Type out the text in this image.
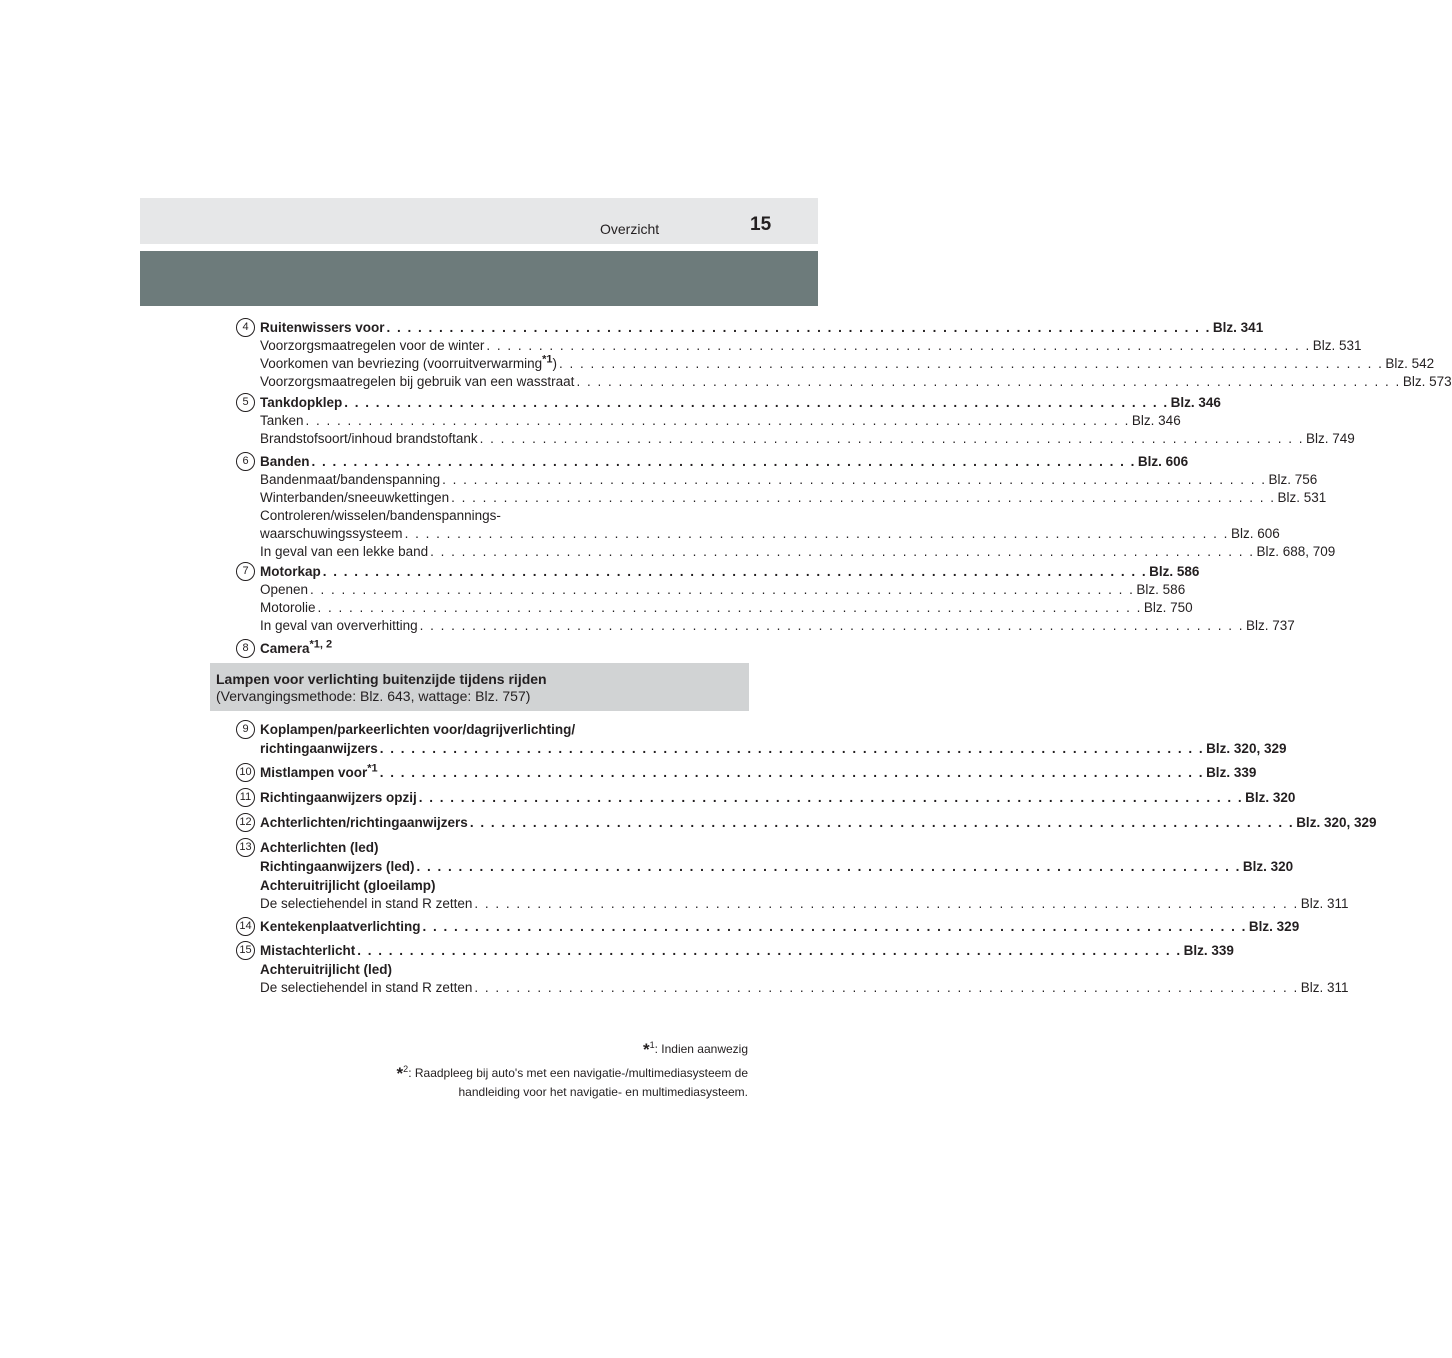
Overzicht	15
4 Ruitenwissers voor . . . . . . . . . . . . . . . . . . . . . . . . . . . . . . . . . . . . . . . . . . . . . . . . . . . . . . . . . . . . . . . . . . . . . . . . . . . . . . . Blz. 341
Voorzorgsmaatregelen voor de winter . . . . . . . . . . . . . . . . . . . . . . . . . . . . . . . . . . . . . . . . . . . . . . . . . . . . . . . . . . . . . . . . . . . . . . . . . . . . . . . Blz. 531
Voorkomen van bevriezing (voorruitverwarming$^{*1}$) . . . . . . . . . . . . . . . . . . . . . . . . . . . . . . . . . . . . . . . . . . . . . . . . . . . . . . . . . . . . . . . . . . . . . . . . . . . . . . . Blz. 542
Voorzorgsmaatregelen bij gebruik van een wasstraat . . . . . . . . . . . . . . . . . . . . . . . . . . . . . . . . . . . . . . . . . . . . . . . . . . . . . . . . . . . . . . . . . . . . . . . . . . . . . . . Blz. 573
5 Tankdopklep . . . . . . . . . . . . . . . . . . . . . . . . . . . . . . . . . . . . . . . . . . . . . . . . . . . . . . . . . . . . . . . . . . . . . . . . . . . . . . . Blz. 346
Tanken . . . . . . . . . . . . . . . . . . . . . . . . . . . . . . . . . . . . . . . . . . . . . . . . . . . . . . . . . . . . . . . . . . . . . . . . . . . . . . . Blz. 346
Brandstofsoort/inhoud brandstoftank . . . . . . . . . . . . . . . . . . . . . . . . . . . . . . . . . . . . . . . . . . . . . . . . . . . . . . . . . . . . . . . . . . . . . . . . . . . . . . . Blz. 749
6 Banden . . . . . . . . . . . . . . . . . . . . . . . . . . . . . . . . . . . . . . . . . . . . . . . . . . . . . . . . . . . . . . . . . . . . . . . . . . . . . . . Blz. 606
Bandenmaat/bandenspanning . . . . . . . . . . . . . . . . . . . . . . . . . . . . . . . . . . . . . . . . . . . . . . . . . . . . . . . . . . . . . . . . . . . . . . . . . . . . . . . Blz. 756
Winterbanden/sneeuwkettingen . . . . . . . . . . . . . . . . . . . . . . . . . . . . . . . . . . . . . . . . . . . . . . . . . . . . . . . . . . . . . . . . . . . . . . . . . . . . . . . Blz. 531
Controleren/wisselen/bandenspannings-
waarschuwingssysteem . . . . . . . . . . . . . . . . . . . . . . . . . . . . . . . . . . . . . . . . . . . . . . . . . . . . . . . . . . . . . . . . . . . . . . . . . . . . . . . Blz. 606
In geval van een lekke band . . . . . . . . . . . . . . . . . . . . . . . . . . . . . . . . . . . . . . . . . . . . . . . . . . . . . . . . . . . . . . . . . . . . . . . . . . . . . . . Blz. 688, 709
7 Motorkap . . . . . . . . . . . . . . . . . . . . . . . . . . . . . . . . . . . . . . . . . . . . . . . . . . . . . . . . . . . . . . . . . . . . . . . . . . . . . . . Blz. 586
Openen . . . . . . . . . . . . . . . . . . . . . . . . . . . . . . . . . . . . . . . . . . . . . . . . . . . . . . . . . . . . . . . . . . . . . . . . . . . . . . . Blz. 586
Motorolie . . . . . . . . . . . . . . . . . . . . . . . . . . . . . . . . . . . . . . . . . . . . . . . . . . . . . . . . . . . . . . . . . . . . . . . . . . . . . . . Blz. 750
In geval van oververhitting . . . . . . . . . . . . . . . . . . . . . . . . . . . . . . . . . . . . . . . . . . . . . . . . . . . . . . . . . . . . . . . . . . . . . . . . . . . . . . . Blz. 737
8 Camera$^{*1, 2}$
Lampen voor verlichting buitenzijde tijdens rijden
(Vervangingsmethode: Blz. 643, wattage: Blz. 757)
9 Koplampen/parkeerlichten voor/dagrijverlichting/
richtingaanwijzers . . . . . . . . . . . . . . . . . . . . . . . . . . . . . . . . . . . . . . . . . . . . . . . . . . . . . . . . . . . . . . . . . . . . . . . . . . . . . . . Blz. 320, 329
10 Mistlampen voor$^{*1}$ . . . . . . . . . . . . . . . . . . . . . . . . . . . . . . . . . . . . . . . . . . . . . . . . . . . . . . . . . . . . . . . . . . . . . . . . . . . . . . . Blz. 339
11 Richtingaanwijzers opzij . . . . . . . . . . . . . . . . . . . . . . . . . . . . . . . . . . . . . . . . . . . . . . . . . . . . . . . . . . . . . . . . . . . . . . . . . . . . . . . Blz. 320
12 Achterlichten/richtingaanwijzers . . . . . . . . . . . . . . . . . . . . . . . . . . . . . . . . . . . . . . . . . . . . . . . . . . . . . . . . . . . . . . . . . . . . . . . . . . . . . . . Blz. 320, 329
13 Achterlichten (led)
Richtingaanwijzers (led) . . . . . . . . . . . . . . . . . . . . . . . . . . . . . . . . . . . . . . . . . . . . . . . . . . . . . . . . . . . . . . . . . . . . . . . . . . . . . . . Blz. 320
Achteruitrijlicht (gloeilamp)
De selectiehendel in stand R zetten . . . . . . . . . . . . . . . . . . . . . . . . . . . . . . . . . . . . . . . . . . . . . . . . . . . . . . . . . . . . . . . . . . . . . . . . . . . . . . . Blz. 311
14 Kentekenplaatverlichting . . . . . . . . . . . . . . . . . . . . . . . . . . . . . . . . . . . . . . . . . . . . . . . . . . . . . . . . . . . . . . . . . . . . . . . . . . . . . . . Blz. 329
15 Mistachterlicht . . . . . . . . . . . . . . . . . . . . . . . . . . . . . . . . . . . . . . . . . . . . . . . . . . . . . . . . . . . . . . . . . . . . . . . . . . . . . . . Blz. 339
Achteruitrijlicht (led)
De selectiehendel in stand R zetten . . . . . . . . . . . . . . . . . . . . . . . . . . . . . . . . . . . . . . . . . . . . . . . . . . . . . . . . . . . . . . . . . . . . . . . . . . . . . . . Blz. 311
*$^1$: Indien aanwezig
*$^2$: Raadpleeg bij auto's met een navigatie-/multimediasysteem de
handleiding voor het navigatie- en multimediasysteem.
